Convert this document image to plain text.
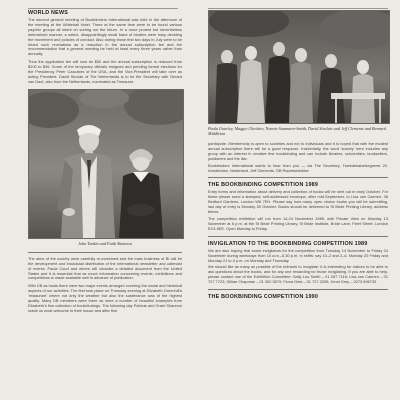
WORLD NEWS

The second general meeting of Bookbinders International was held in the afternoon of the meeting at the Whitehall Hotel. There at the same time were to be found various paychic groups all intent on sorting out the future. In a more protest but nevertheless determined manner, a select, disappointingly small band of binders were busy deciding the movement and policies of conduct. Also during those first two days in July were to be heard such revelations as a reduction in the annual subscription fee and the recommendation that a general meeting be held at least every three years rather than annually.

Thus the application fee will now be $50 and the annual subscription is reduced from $100 to $36. Some of the temporary officials resigned and pending formal elections for the Presidency Peter Czaczkes of the USA, and the Vice-President will take over as acting President. David Sinclair of The Netherlands is to be the Secretary with Gerard van Dael, also from the Netherlands, nominated as Treasurer.

John Tonkin and Faith Shannon

The aims of the society were carefully re-examined and the main business of BI will be the development and broadcast distribution of the international newsletter and calendar of events. Paula Court and others will circulate a detailed document from the United States and it is essential that as much information concerning events, exhibitions and competitions is made available well in advance of publication.

With DB as hosts there were two major events arranged covering the social and historical aspects of our activities. The first took place on Thursday evening at Elizabeth Greenhill's 'restaurant' where not only the weather but also the sustenance was of the highest quality. Many DB members were there as were a number of beautiful examples from Elizabeth's fine collection of bookbindings. The following day Patricia and Grant Shannon made us most welcome to their house and after fine

Paula Gourley, Maggie Cheshire, Nonnie Saumarez-Smith, David Sinclair and Jeff Clements and Bernard Middleton

participate. Membership is open to societies and not to individuals and it is hoped that with the modest annual subscription there will be a good response. Incidentally, the word 'society' here includes any group with an interest in creative fine bookbinding and can include libraries, universities, booksellers, publishers and the like.

Bookbinders International wants to hear from you — via The Secretary, Tweedekabelsegreest 20, Amsterdam, Nederland. Jeff Clements, DB Representative

THE BOOKBINDING COMPETITION 1989

Entry forms and information about delivery and collection of books will be sent out in early October. For these please send a stamped, self-addressed envelope, after mid-September, to Lisa van Caenen, 36 Bedford Gardens, London W8 7EH. Please say how many open choice books you will be submitting, last day of entry is Monday 30 October. Books should be delivered to St Bride Printing Library, address below.

The competition exhibition will run from 14-24 November 1989, with Private View on Monday 13 November at 6 p.m. at the St Bride Printing Library, St Bride Institute, Bride Lane, Fleet Street, London EC4 8EE. Open Monday to Friday.

INVIGILATION TO THE BOOKBINDING COMPETITION 1989

We are also hoping that some invigilators for the competition from Tuesday 14 November to Friday 24 November during weekdays from 10 a.m.–5.30 p.m. in shifts: say 10–2 and 2–6. Monday 20 Friday and Monday 21 to 4 p.m. on Monday and Thursday.

We should like as many as possible of the entrants to invigilate: it is interesting for visitors to be able to ask questions about the books, and for any one rewarding for those invigilating. If you are able to help, please contact one of the Exhibition Committee: Sally Lou Smith – 01 267 7116; Lisa van Caenen – 01 727 7723; Gillian Chapman – 01 302 5570; Fiona Grist – 01 727 2295; Jenni Grey – 0273 696733

THE BOOKBINDING COMPETITION 1990
